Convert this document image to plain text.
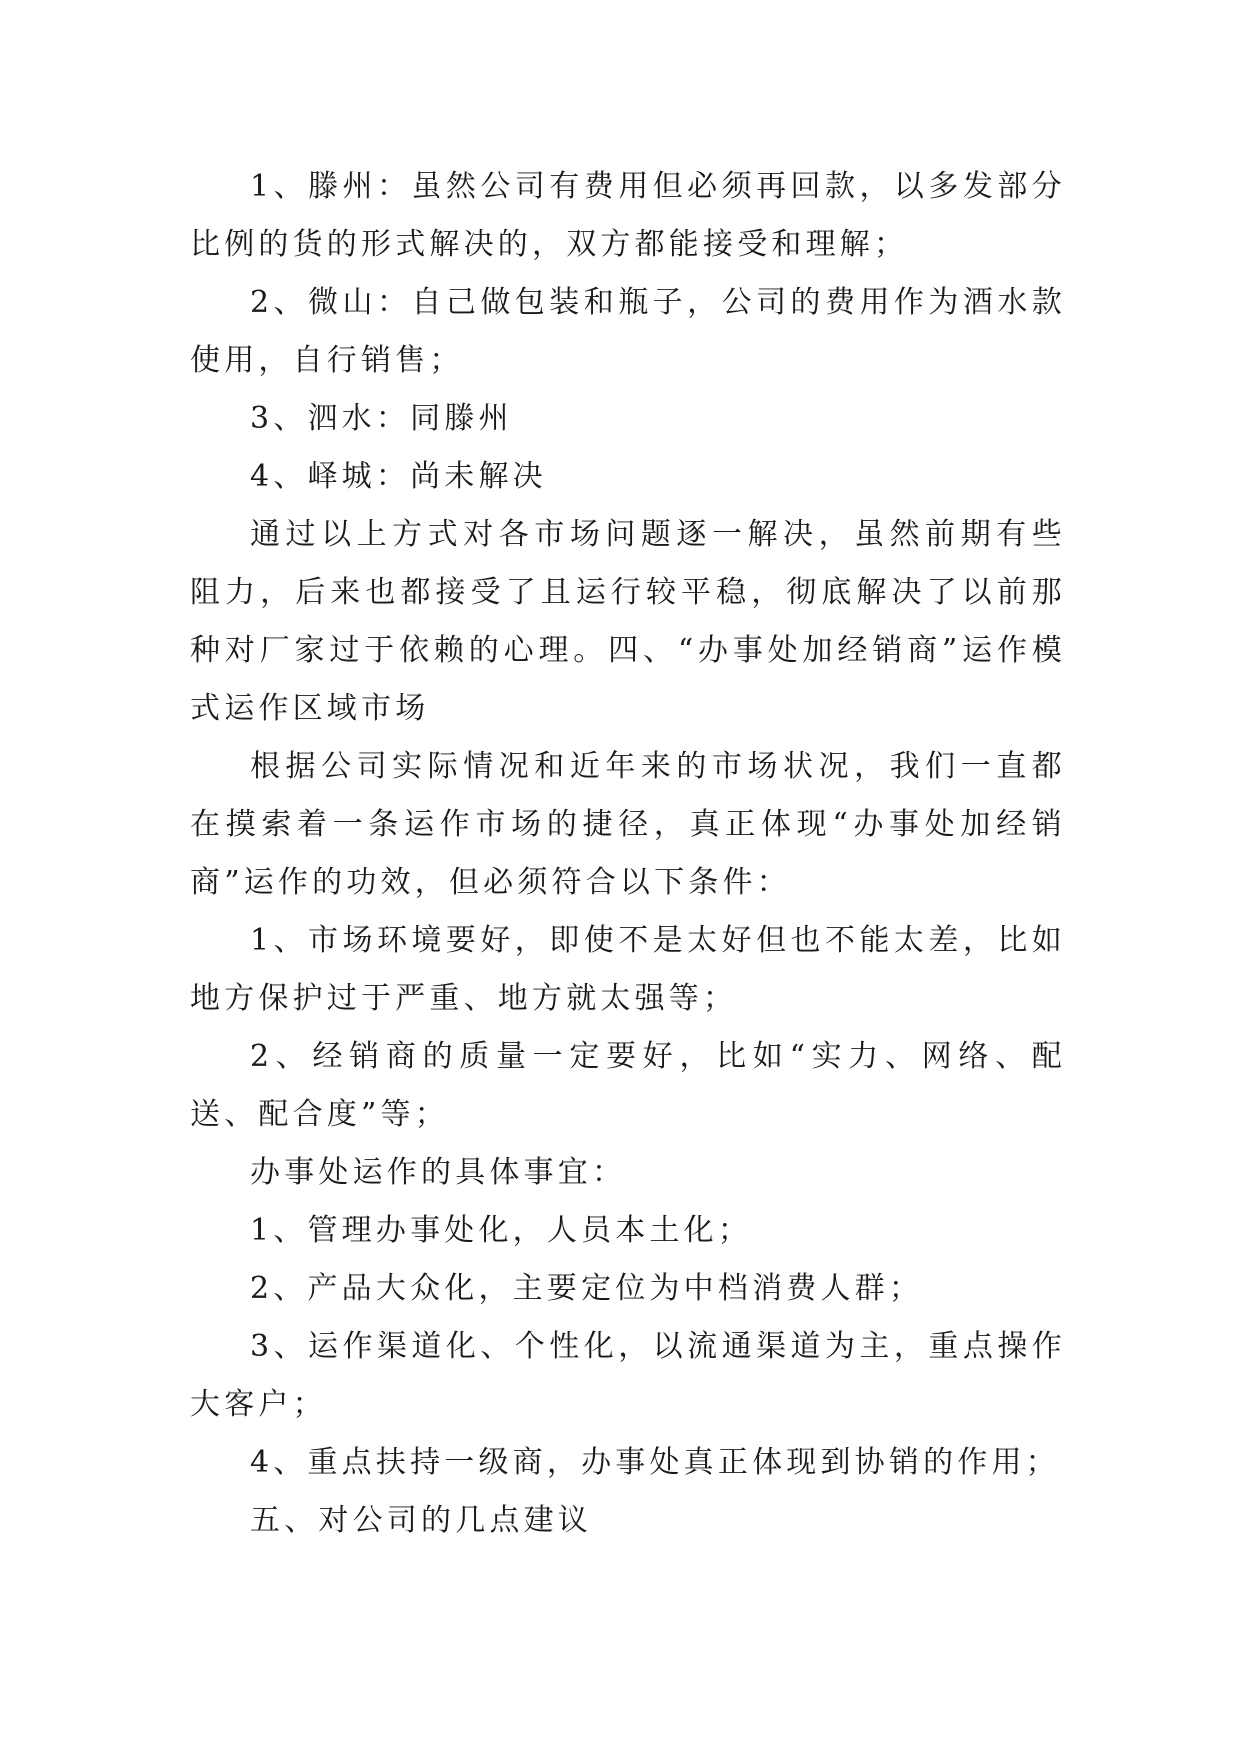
1、滕州：虽然公司有费用但必须再回款，以多发部分比例的货的形式解决的，双方都能接受和理解；

2、微山：自己做包装和瓶子，公司的费用作为酒水款使用，自行销售；

3、泗水：同滕州

4、峄城：尚未解决

通过以上方式对各市场问题逐一解决，虽然前期有些阻力，后来也都接受了且运行较平稳，彻底解决了以前那种对厂家过于依赖的心理。四、“办事处加经销商”运作模式运作区域市场

根据公司实际情况和近年来的市场状况，我们一直都在摸索着一条运作市场的捷径，真正体现“办事处加经销商”运作的功效，但必须符合以下条件：

1、市场环境要好，即使不是太好但也不能太差，比如地方保护过于严重、地方就太强等；

2、经销商的质量一定要好，比如“实力、网络、配送、配合度”等；

办事处运作的具体事宜：

1、管理办事处化，人员本土化；

2、产品大众化，主要定位为中档消费人群；

3、运作渠道化、个性化，以流通渠道为主，重点操作大客户；

4、重点扶持一级商，办事处真正体现到协销的作用；

五、对公司的几点建议
